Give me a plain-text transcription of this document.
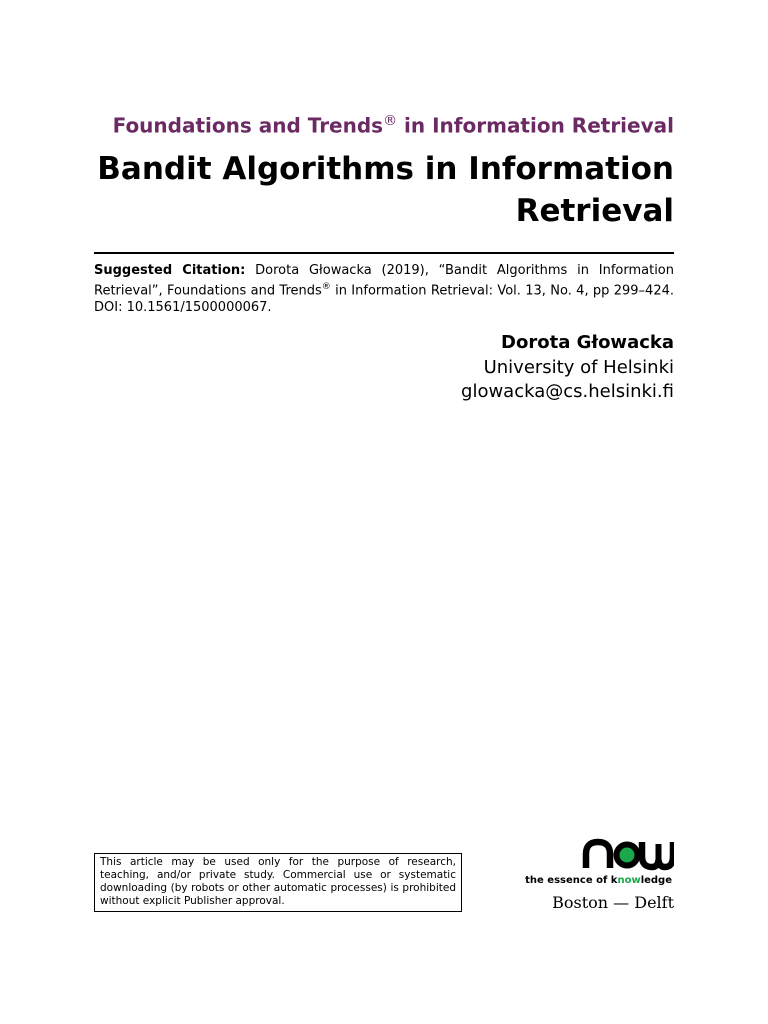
Foundations and Trends® in Information Retrieval
Bandit Algorithms in Information Retrieval
Suggested Citation: Dorota Głowacka (2019), “Bandit Algorithms in Information Retrieval”, Foundations and Trends® in Information Retrieval: Vol. 13, No. 4, pp 299–424. DOI: 10.1561/1500000067.
Dorota Głowacka
University of Helsinki
glowacka@cs.helsinki.fi
This article may be used only for the purpose of research, teaching, and/or private study. Commercial use or systematic downloading (by robots or other automatic processes) is prohibited without explicit Publisher approval.
the essence of knowledge
Boston — Delft
